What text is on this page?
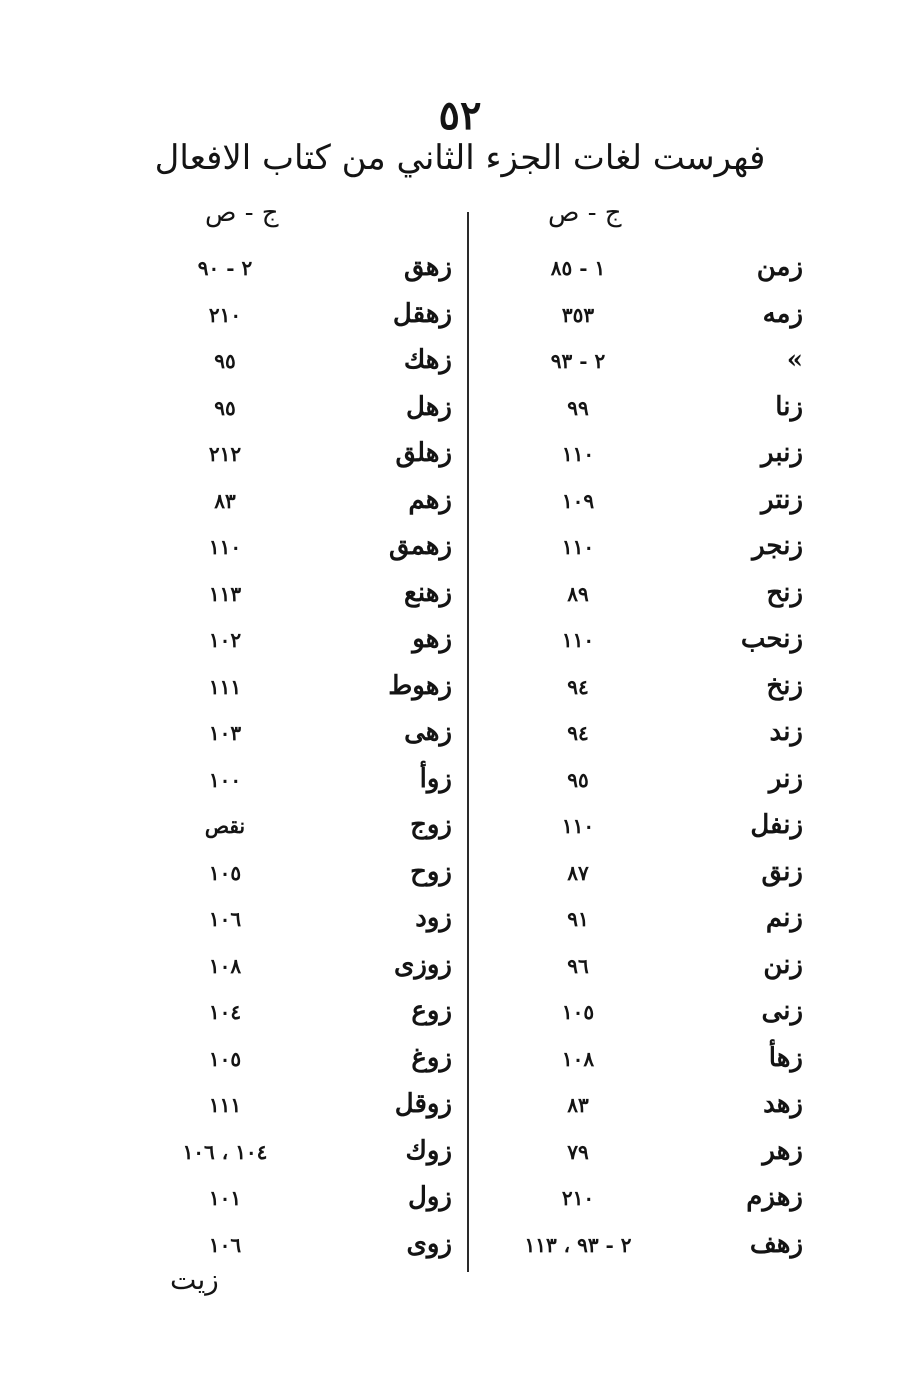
٥٢
فهرست لغات الجزء الثاني من كتاب الافعال
ج - ص
ج - ص
زمن
١ - ٨٥
زمه
٣٥٣
»
٢ - ٩٣
زنا
٩٩
زنبر
١١٠
زنتر
١٠٩
زنجر
١١٠
زنح
٨٩
زنحب
١١٠
زنخ
٩٤
زند
٩٤
زنر
٩٥
زنفل
١١٠
زنق
٨٧
زنم
٩١
زنن
٩٦
زنى
١٠٥
زهأ
١٠٨
زهد
٨٣
زهر
٧٩
زهزم
٢١٠
زهف
٢ - ٩٣ ، ١١٣
زهق
٢ - ٩٠
زهقل
٢١٠
زهك
٩٥
زهل
٩٥
زهلق
٢١٢
زهم
٨٣
زهمق
١١٠
زهنع
١١٣
زهو
١٠٢
زهوط
١١١
زهى
١٠٣
زوأ
١٠٠
زوج
نقص
زوح
١٠٥
زود
١٠٦
زوزى
١٠٨
زوع
١٠٤
زوغ
١٠٥
زوقل
١١١
زوك
١٠٤ ، ١٠٦
زول
١٠١
زوى
١٠٦
زيت
